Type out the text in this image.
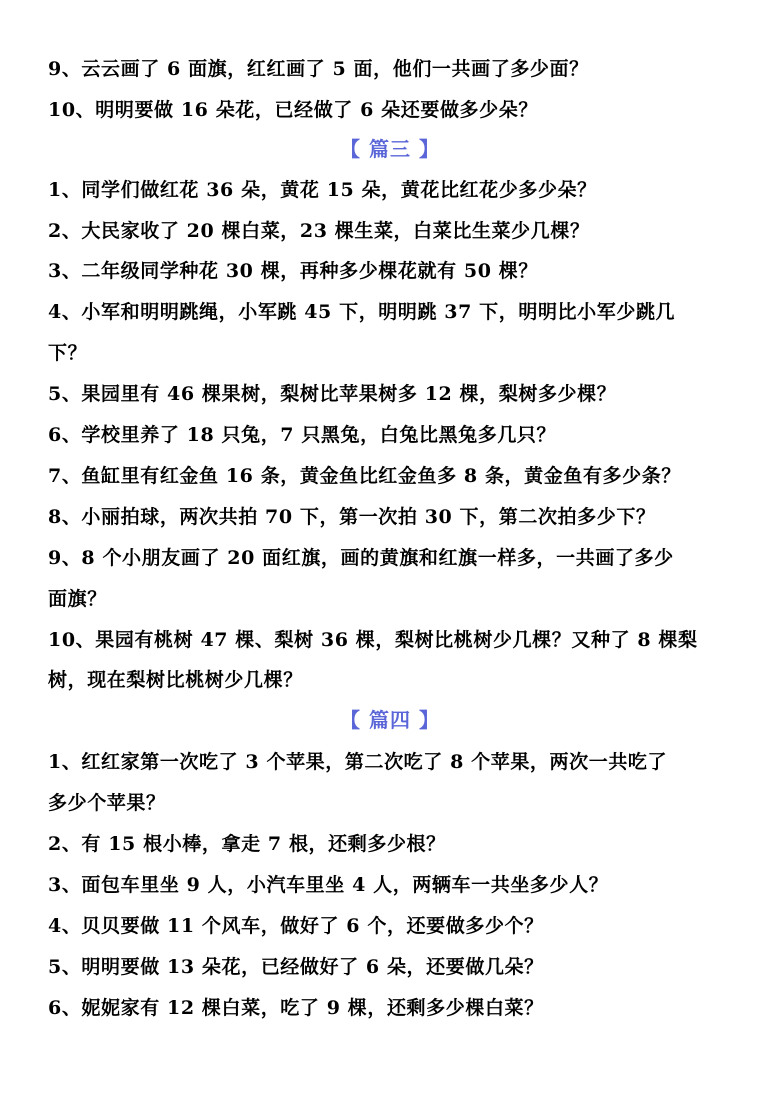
9、云云画了 6 面旗，红红画了 5 面，他们一共画了多少面？
10、明明要做 16 朵花，已经做了 6 朵还要做多少朵？
【 篇三 】
1、同学们做红花 36 朵，黄花 15 朵，黄花比红花少多少朵？
2、大民家收了 20 棵白菜，23 棵生菜，白菜比生菜少几棵？
3、二年级同学种花 30 棵，再种多少棵花就有 50 棵？
4、小军和明明跳绳，小军跳 45 下，明明跳 37 下，明明比小军少跳几
下？
5、果园里有 46 棵果树，梨树比苹果树多 12 棵，梨树多少棵？
6、学校里养了 18 只兔，7 只黑兔，白兔比黑兔多几只？
7、鱼缸里有红金鱼 16 条，黄金鱼比红金鱼多 8 条，黄金鱼有多少条？
8、小丽拍球，两次共拍 70 下，第一次拍 30 下，第二次拍多少下？
9、8 个小朋友画了 20 面红旗，画的黄旗和红旗一样多，一共画了多少
面旗？
10、果园有桃树 47 棵、梨树 36 棵，梨树比桃树少几棵？又种了 8 棵梨
树，现在梨树比桃树少几棵？
【 篇四 】
1、红红家第一次吃了 3 个苹果，第二次吃了 8 个苹果，两次一共吃了
多少个苹果？
2、有 15 根小棒，拿走 7 根，还剩多少根？
3、面包车里坐 9 人，小汽车里坐 4 人，两辆车一共坐多少人？
4、贝贝要做 11 个风车，做好了 6 个，还要做多少个？
5、明明要做 13 朵花，已经做好了 6 朵，还要做几朵？
6、妮妮家有 12 棵白菜，吃了 9 棵，还剩多少棵白菜？
